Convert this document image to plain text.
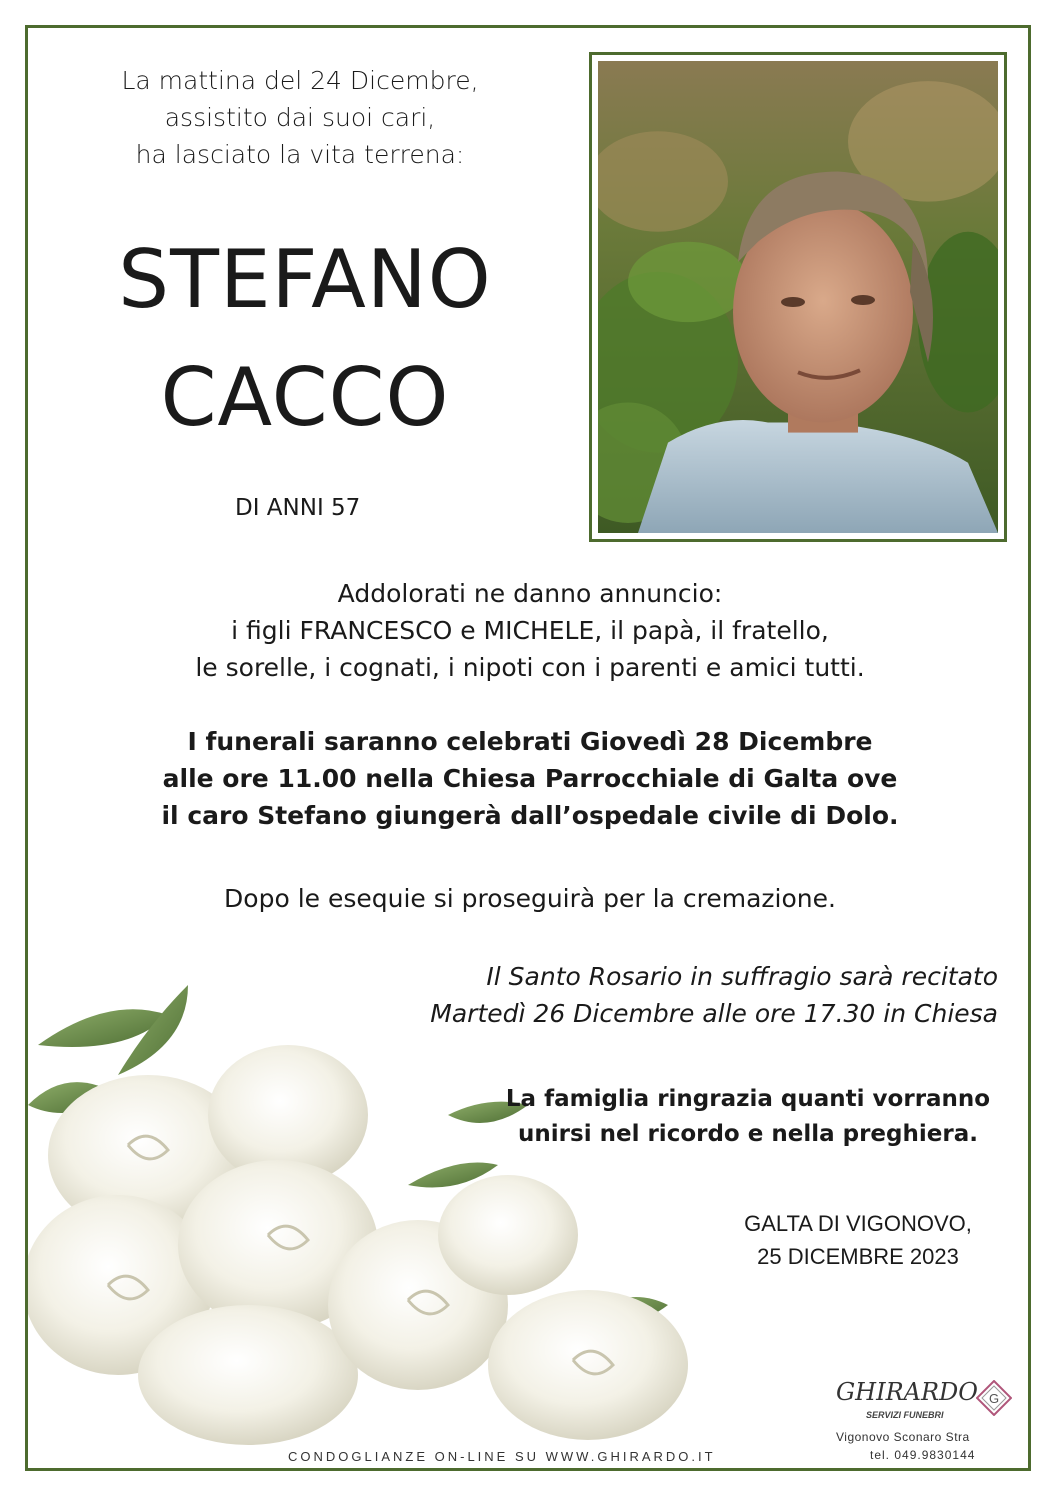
La mattina del 24 Dicembre,
assistito dai suoi cari,
ha lasciato la vita terrena:
STEFANO
CACCO
DI ANNI 57
Addolorati ne danno annuncio:
i figli FRANCESCO e MICHELE, il papà, il fratello,
le sorelle, i cognati, i nipoti con i parenti e amici tutti.
I funerali saranno celebrati Giovedì 28 Dicembre
alle ore 11.00 nella Chiesa Parrocchiale di Galta ove
il caro Stefano giungerà dall’ospedale civile di Dolo.
Dopo le esequie si proseguirà per la cremazione.
Il Santo Rosario in suffragio sarà recitato
Martedì 26 Dicembre alle ore 17.30 in Chiesa
La famiglia ringrazia quanti vorranno
unirsi nel ricordo e nella preghiera.
GALTA DI VIGONOVO,
25 DICEMBRE 2023
CONDOGLIANZE ON-LINE SU WWW.GHIRARDO.IT
GHIRARDO
SERVIZI FUNEBRI
G
Vigonovo Sconaro Stra
tel. 049.9830144
